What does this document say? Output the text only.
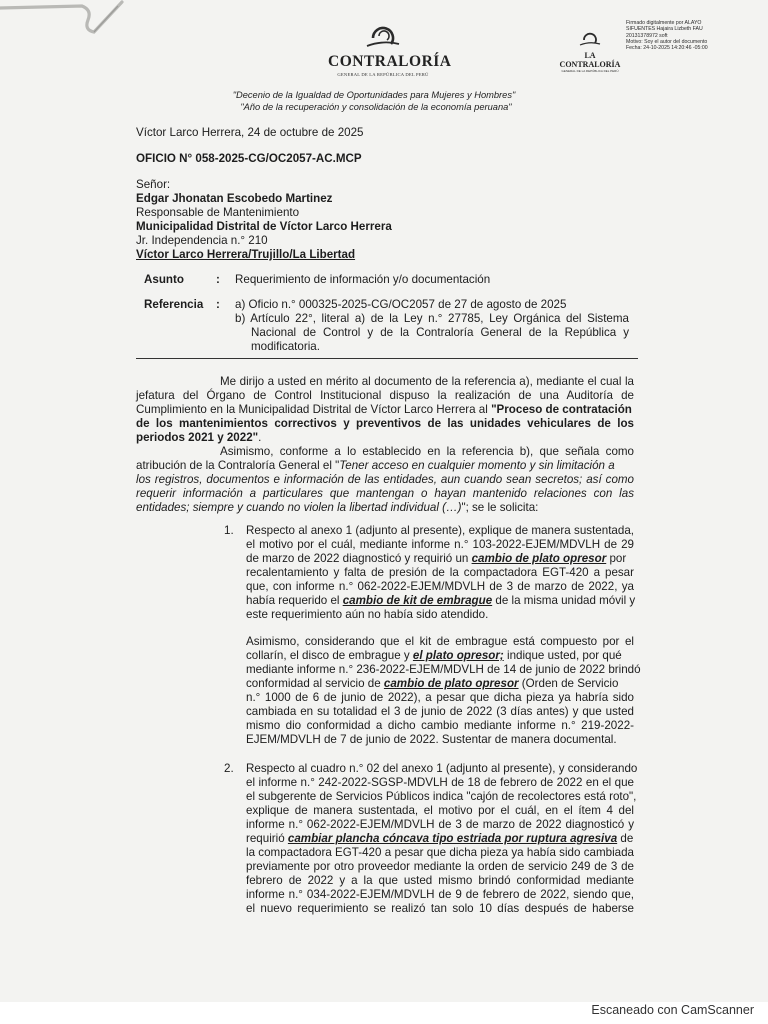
CONTRALORÍA
GENERAL DE LA REPÚBLICA DEL PERÚ
LA CONTRALORÍA
GENERAL DE LA REPÚBLICA DEL PERÚ
Firmado digitalmente por ALAYO
SIFUENTES Hajaira Lizbeth FAU
20131378972 soft
Motivo: Soy el autor del documento
Fecha: 24-10-2025 14:20:46 -05:00
"Decenio de la Igualdad de Oportunidades para Mujeres y Hombres"
"Año de la recuperación y consolidación de la economía peruana"
Víctor Larco Herrera, 24 de octubre de 2025
OFICIO N° 058-2025-CG/OC2057-AC.MCP
Señor:
Edgar Jhonatan Escobedo Martinez
Responsable de Mantenimiento
Municipalidad Distrital de Víctor Larco Herrera
Jr. Independencia n.° 210
Víctor Larco Herrera/Trujillo/La Libertad
Asunto	: Requerimiento de información y/o documentación
Referencia : a) Oficio n.° 000325-2025-CG/OC2057 de 27 de agosto de 2025
b) Artículo 22°, literal a) de la Ley n.° 27785, Ley Orgánica del Sistema
Nacional de Control y de la Contraloría General de la República y
modificatoria.
Me dirijo a usted en mérito al documento de la referencia a), mediante el cual la
jefatura del Órgano de Control Institucional dispuso la realización de una Auditoría de
Cumplimiento en la Municipalidad Distrital de Víctor Larco Herrera al "Proceso de contratación
de los mantenimientos correctivos y preventivos de las unidades vehiculares de los
periodos 2021 y 2022".
Asimismo, conforme a lo establecido en la referencia b), que señala como
atribución de la Contraloría General el "Tener acceso en cualquier momento y sin limitación a
los registros, documentos e información de las entidades, aun cuando sean secretos; así como
requerir información a particulares que mantengan o hayan mantenido relaciones con las
entidades; siempre y cuando no violen la libertad individual (…)"; se le solicita:
1. Respecto al anexo 1 (adjunto al presente), explique de manera sustentada,
el motivo por el cuál, mediante informe n.° 103-2022-EJEM/MDVLH de 29
de marzo de 2022 diagnosticó y requirió un cambio de plato opresor por
recalentamiento y falta de presión de la compactadora EGT-420 a pesar
que, con informe n.° 062-2022-EJEM/MDVLH de 3 de marzo de 2022, ya
había requerido el cambio de kit de embrague de la misma unidad móvil y
este requerimiento aún no había sido atendido.
Asimismo, considerando que el kit de embrague está compuesto por el
collarín, el disco de embrague y el plato opresor; indique usted, por qué
mediante informe n.° 236-2022-EJEM/MDVLH de 14 de junio de 2022 brindó
conformidad al servicio de cambio de plato opresor (Orden de Servicio
n.° 1000 de 6 de junio de 2022), a pesar que dicha pieza ya habría sido
cambiada en su totalidad el 3 de junio de 2022 (3 días antes) y que usted
mismo dio conformidad a dicho cambio mediante informe n.° 219-2022-
EJEM/MDVLH de 7 de junio de 2022. Sustentar de manera documental.
2. Respecto al cuadro n.° 02 del anexo 1 (adjunto al presente), y considerando
el informe n.° 242-2022-SGSP-MDVLH de 18 de febrero de 2022 en el que
el subgerente de Servicios Públicos indica "cajón de recolectores está roto",
explique de manera sustentada, el motivo por el cuál, en el ítem 4 del
informe n.° 062-2022-EJEM/MDVLH de 3 de marzo de 2022 diagnosticó y
requirió cambiar plancha cóncava tipo estriada por ruptura agresiva de
la compactadora EGT-420 a pesar que dicha pieza ya había sido cambiada
previamente por otro proveedor mediante la orden de servicio 249 de 3 de
febrero de 2022 y a la que usted mismo brindó conformidad mediante
informe n.° 034-2022-EJEM/MDVLH de 9 de febrero de 2022, siendo que,
el nuevo requerimiento se realizó tan solo 10 días después de haberse
Escaneado con CamScanner
